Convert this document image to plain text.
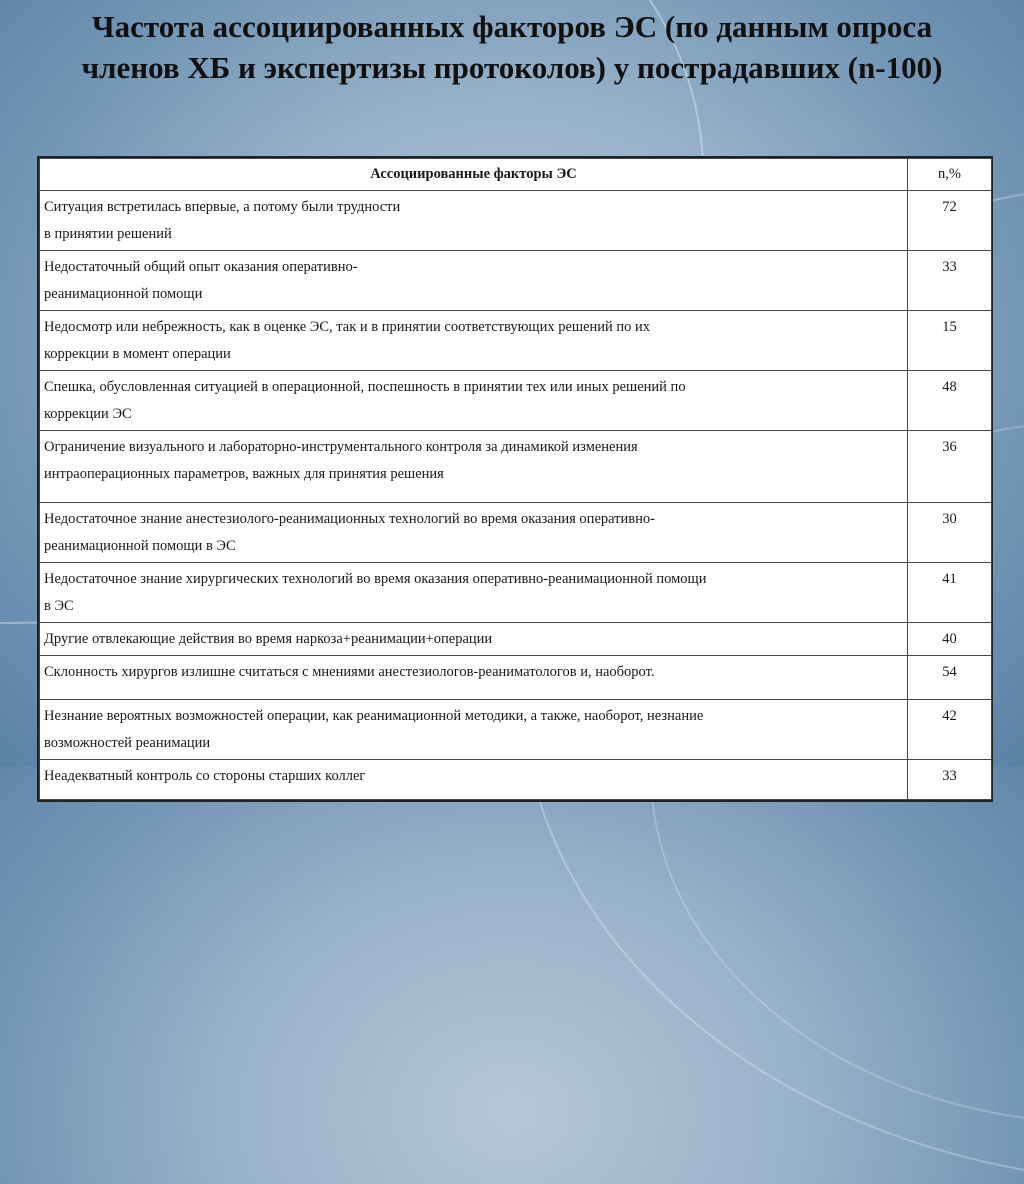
Частота ассоциированных факторов ЭС (по данным опроса членов ХБ и экспертизы протоколов) у пострадавших (n-100)
Ассоциированные факторы ЭС	n,%

Ситуация встретилась впервые, а потому были трудности
в принятии решений	72

Недостаточный общий опыт оказания оперативно-
реанимационной помощи	33

Недосмотр или небрежность, как в оценке ЭС, так и в принятии соответствующих решений по их
коррекции в момент операции	15

Спешка, обусловленная ситуацией в операционной, поспешность в принятии тех или иных решений по
коррекции ЭС	48

Ограничение визуального и лабораторно-инструментального контроля за динамикой изменения
интраоперационных параметров, важных для принятия решения	36

Недостаточное знание анестезиолого-реанимационных технологий во время оказания оперативно-
реанимационной помощи в ЭС	30

Недостаточное знание хирургических технологий во время оказания оперативно-реанимационной помощи
в ЭС	41

Другие отвлекающие действия во время наркоза+реанимации+операции	40

Склонность хирургов излишне считаться с мнениями анестезиологов-реаниматологов и, наоборот.	54

Незнание вероятных возможностей операции, как реанимационной методики, а также, наоборот, незнание
возможностей реанимации	42

Неадекватный контроль со стороны старших коллег	33
